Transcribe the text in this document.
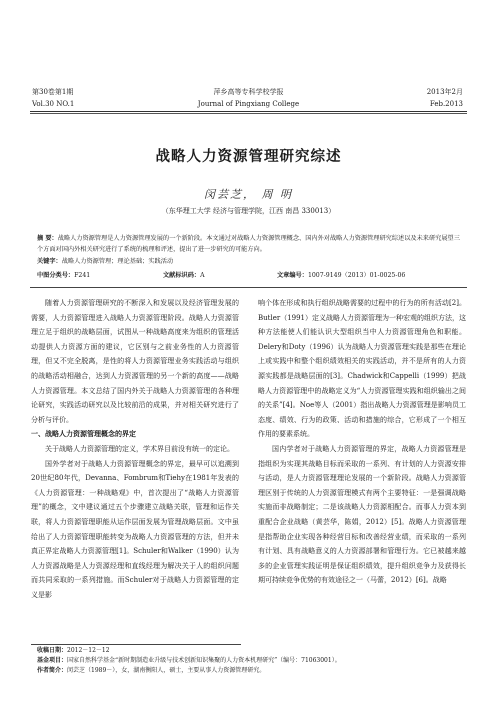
第30卷第1期
Vol.30 NO.1
萍乡高等专科学校学报
Journal of Pingxiang College
2013年2月
Feb.2013
战略人力资源管理研究综述
闵芸芝， 周 明
（东华理工大学 经济与管理学院，江西 南昌 330013）
摘 要：战略人力资源管理是人力资源管理发展的一个新阶段。本文通过对战略人力资源管理概念、国内外对战略人力资源管理研究综述以及未来研究展望三个方面对国内外相关研究进行了系统的梳理和评述，提出了进一步研究的可能方向。
关键字：战略人力资源管理；理论基础；实践活动
中图分类号：F241	文献标识码：A	文章编号：1007-9149（2013）01-0025-06

随着人力资源管理研究的不断深入和发展以及经济管理发展的需要，人力资源管理进入战略人力资源管理阶段。战略人力资源管理立足于组织的战略层面，试图从一种战略高度来为组织的管理活动提供人力资源方面的建议，它区别与之前业务性的人力资源管理，但又不完全脱离，是性的将人力资源管理业务实践活动与组织的战略活动相融合，达到人力资源管理的另一个新的高度——战略人力资源管理。本文总结了国内外关于战略人力资源管理的各种理论研究，实践活动研究以及比较前沿的成果，并对相关研究进行了分析与评价。

一、战略人力资源管理概念的界定

关于战略人力资源管理的定义，学术界目前没有统一的定论。

国外学者对于战略人力资源管理概念的界定，最早可以追溯到20世纪80年代，Devanna、Fombrum和Tiehy在1981年发表的《人力资源管理：一种战略观》中，首次提出了“战略人力资源管理”的概念，文中建议通过五个步骤建立战略关联，管理和运作关联，将人力资源管理职能从运作层面发展为管理战略层面。文中虽给出了人力资源管理职能转变为战略人力资源管理的方法，但并未真正界定战略人力资源管理[1]。Schuler和Walker（1990）认为人力资源战略是人力资源经理和直线经理为解决关于人的组织问题而共同采取的一系列措施。而Schuler对于战略人力资源管理的定义是影

响个体在形成和执行组织战略需要的过程中的行为的所有活动[2]。Butler（1991）定义战略人力资源管理为一种宏观的组织方法，这种方法能使人们能认识大型组织当中人力资源管理角色和职能。Delery和Doty（1996）认为战略人力资源管理实践是那些在理论上或实践中和整个组织绩效相关的实践活动，并不是所有的人力资源实践都是战略层面的[3]。Chadwick和Cappelli（1999）把战略人力资源管理中的战略定义为“人力资源管理实践和组织输出之间的关系”[4]。Noe等人（2001）指出战略人力资源管理是影响员工态度、绩效、行为的政策、活动和措施的综合，它形成了一个相互作用的要素系统。

国内学者对于战略人力资源管理的界定，战略人力资源管理是指组织为实现其战略目标而采取的一系列、有计划的人力资源安排与活动，是人力资源管理理论发展的一个新阶段。战略人力资源管理区别于传统的人力资源管理模式有两个主要特征：一是强调战略实施而非战略制定；二是该战略人力资源相配合。而事人力资本到重配合企业战略（黄芸华，陈娟，2012）[5]。战略人力资源管理是指帮助企业实现各种经营目标和改善经营业绩，而采取的一系列有计划、具有战略意义的人力资源部署和管理行为。它已被越来越多的企业管理实践证明是保证组织绩效，提升组织竞争力及获得长期可持续竞争优势的有效途径之一（马蕾，2012）[6]。战略

收稿日期：2012－12－12
基金项目：国家自然科学基金“新时期制造业升级与技术创新知识集聚的人力资本机理研究”（编号：71063001）。
作者简介：闵芸芝（1989－），女，湖南衡阳人，硕士，主要从事人力资源管理研究。
